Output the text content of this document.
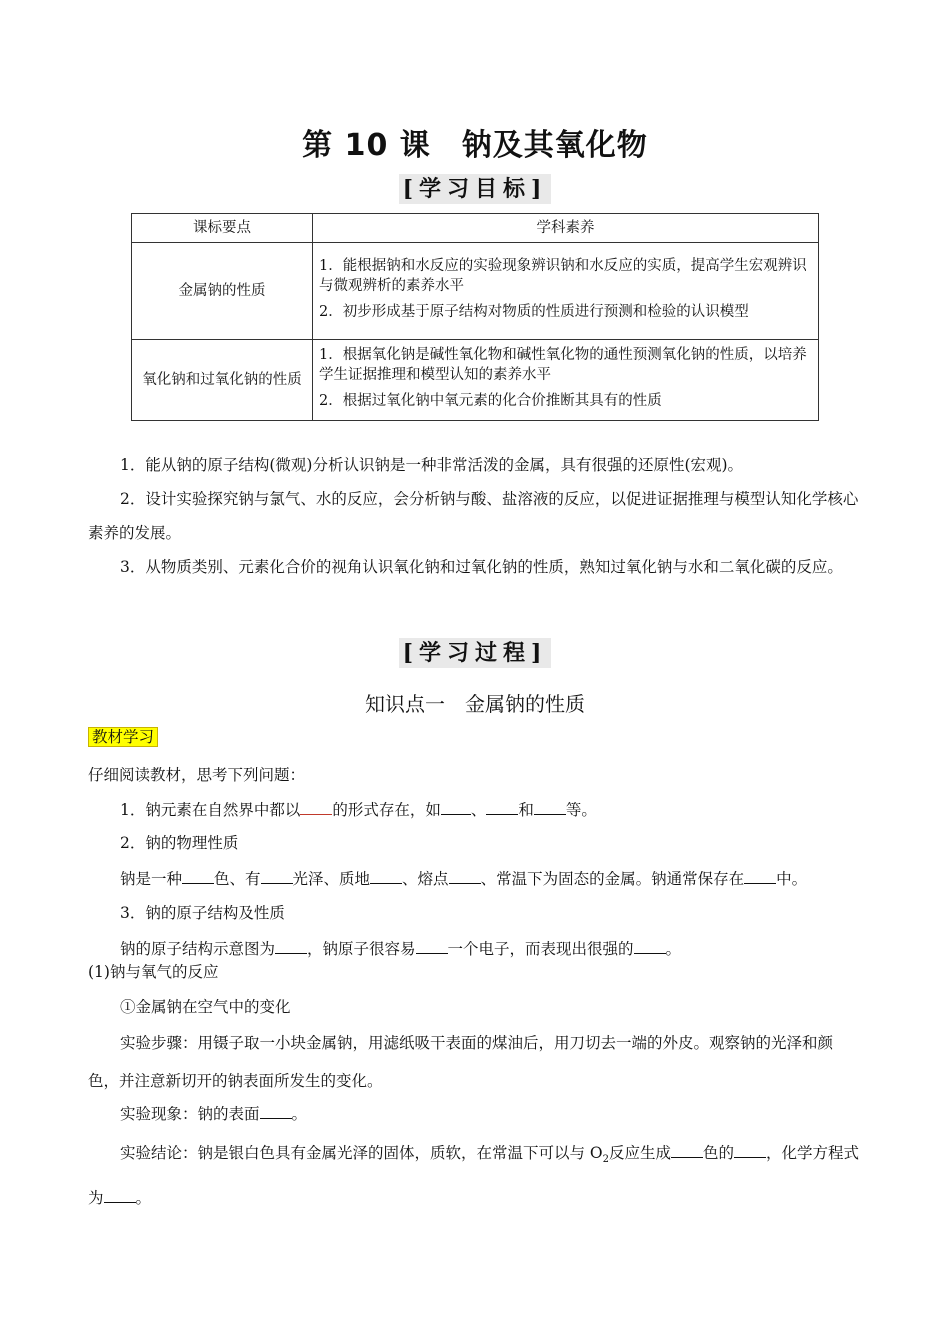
第 10 课　钠及其氧化物
[学习目标]
课标要点	学科素养
金属钠的性质	1．能根据钠和水反应的实验现象辨识钠和水反应的实质，提高学生宏观辨识与微观辨析的素养水平

2．初步形成基于原子结构对物质的性质进行预测和检验的认识模型

氧化钠和过氧化钠的性质	1．根据氧化钠是碱性氧化物和碱性氧化物的通性预测氧化钠的性质，以培养学生证据推理和模型认知的素养水平

2．根据过氧化钠中氧元素的化合价推断其具有的性质

1．能从钠的原子结构(微观)分析认识钠是一种非常活泼的金属，具有很强的还原性(宏观)。
2．设计实验探究钠与氯气、水的反应，会分析钠与酸、盐溶液的反应，以促进证据推理与模型认知化学核心素养的发展。
3．从物质类别、元素化合价的视角认识氧化钠和过氧化钠的性质，熟知过氧化钠与水和二氧化碳的反应。
[学习过程]
知识点一　金属钠的性质
教材学习
仔细阅读教材，思考下列问题：
1．钠元素在自然界中都以 的形式存在，如 、 和 等。
2．钠的物理性质
钠是一种 色、有 光泽、质地 、熔点 、常温下为固态的金属。钠通常保存在 中。
3．钠的原子结构及性质
钠的原子结构示意图为 ，钠原子很容易 一个电子，而表现出很强的 。
(1)钠与氧气的反应
①金属钠在空气中的变化
实验步骤：用镊子取一小块金属钠，用滤纸吸干表面的煤油后，用刀切去一端的外皮。观察钠的光泽和颜色，并注意新切开的钠表面所发生的变化。
实验现象：钠的表面 。
实验结论：钠是银白色具有金属光泽的固体，质软，在常温下可以与 $O_2$反应生成 色的 ，化学方程式为 。
